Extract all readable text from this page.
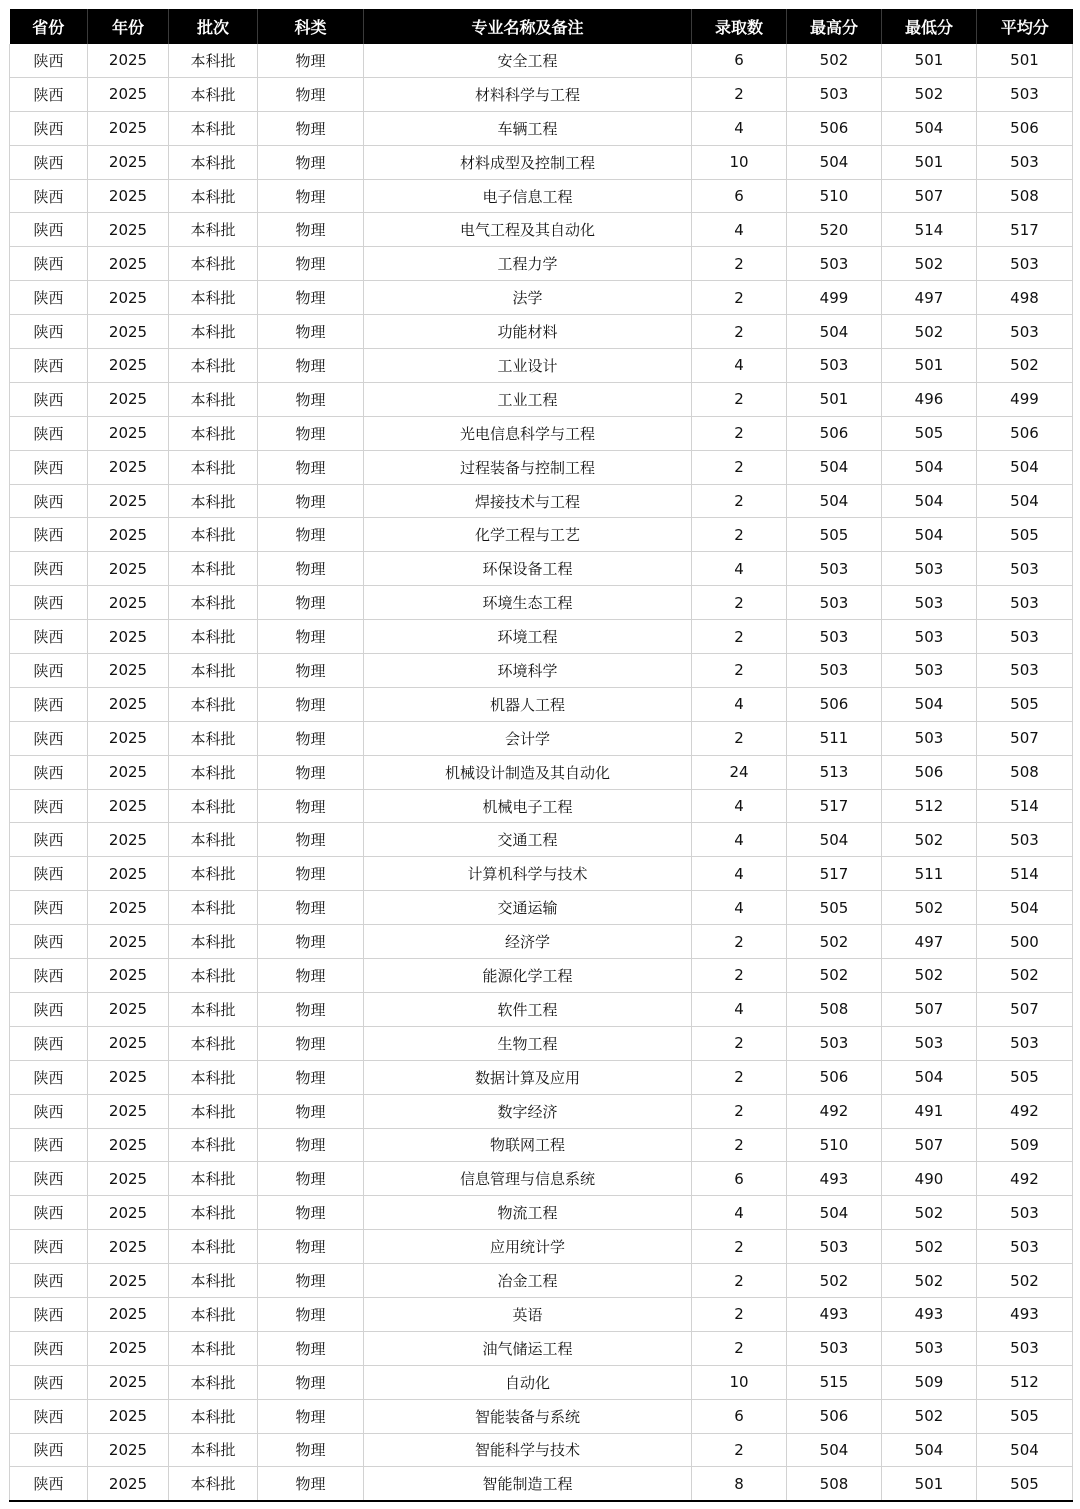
省份	年份	批次	科类	专业名称及备注	录取数	最高分	最低分	平均分
陕西	2025	本科批	物理	安全工程	6	502	501	501
陕西	2025	本科批	物理	材料科学与工程	2	503	502	503
陕西	2025	本科批	物理	车辆工程	4	506	504	506
陕西	2025	本科批	物理	材料成型及控制工程	10	504	501	503
陕西	2025	本科批	物理	电子信息工程	6	510	507	508
陕西	2025	本科批	物理	电气工程及其自动化	4	520	514	517
陕西	2025	本科批	物理	工程力学	2	503	502	503
陕西	2025	本科批	物理	法学	2	499	497	498
陕西	2025	本科批	物理	功能材料	2	504	502	503
陕西	2025	本科批	物理	工业设计	4	503	501	502
陕西	2025	本科批	物理	工业工程	2	501	496	499
陕西	2025	本科批	物理	光电信息科学与工程	2	506	505	506
陕西	2025	本科批	物理	过程装备与控制工程	2	504	504	504
陕西	2025	本科批	物理	焊接技术与工程	2	504	504	504
陕西	2025	本科批	物理	化学工程与工艺	2	505	504	505
陕西	2025	本科批	物理	环保设备工程	4	503	503	503
陕西	2025	本科批	物理	环境生态工程	2	503	503	503
陕西	2025	本科批	物理	环境工程	2	503	503	503
陕西	2025	本科批	物理	环境科学	2	503	503	503
陕西	2025	本科批	物理	机器人工程	4	506	504	505
陕西	2025	本科批	物理	会计学	2	511	503	507
陕西	2025	本科批	物理	机械设计制造及其自动化	24	513	506	508
陕西	2025	本科批	物理	机械电子工程	4	517	512	514
陕西	2025	本科批	物理	交通工程	4	504	502	503
陕西	2025	本科批	物理	计算机科学与技术	4	517	511	514
陕西	2025	本科批	物理	交通运输	4	505	502	504
陕西	2025	本科批	物理	经济学	2	502	497	500
陕西	2025	本科批	物理	能源化学工程	2	502	502	502
陕西	2025	本科批	物理	软件工程	4	508	507	507
陕西	2025	本科批	物理	生物工程	2	503	503	503
陕西	2025	本科批	物理	数据计算及应用	2	506	504	505
陕西	2025	本科批	物理	数字经济	2	492	491	492
陕西	2025	本科批	物理	物联网工程	2	510	507	509
陕西	2025	本科批	物理	信息管理与信息系统	6	493	490	492
陕西	2025	本科批	物理	物流工程	4	504	502	503
陕西	2025	本科批	物理	应用统计学	2	503	502	503
陕西	2025	本科批	物理	冶金工程	2	502	502	502
陕西	2025	本科批	物理	英语	2	493	493	493
陕西	2025	本科批	物理	油气储运工程	2	503	503	503
陕西	2025	本科批	物理	自动化	10	515	509	512
陕西	2025	本科批	物理	智能装备与系统	6	506	502	505
陕西	2025	本科批	物理	智能科学与技术	2	504	504	504
陕西	2025	本科批	物理	智能制造工程	8	508	501	505
